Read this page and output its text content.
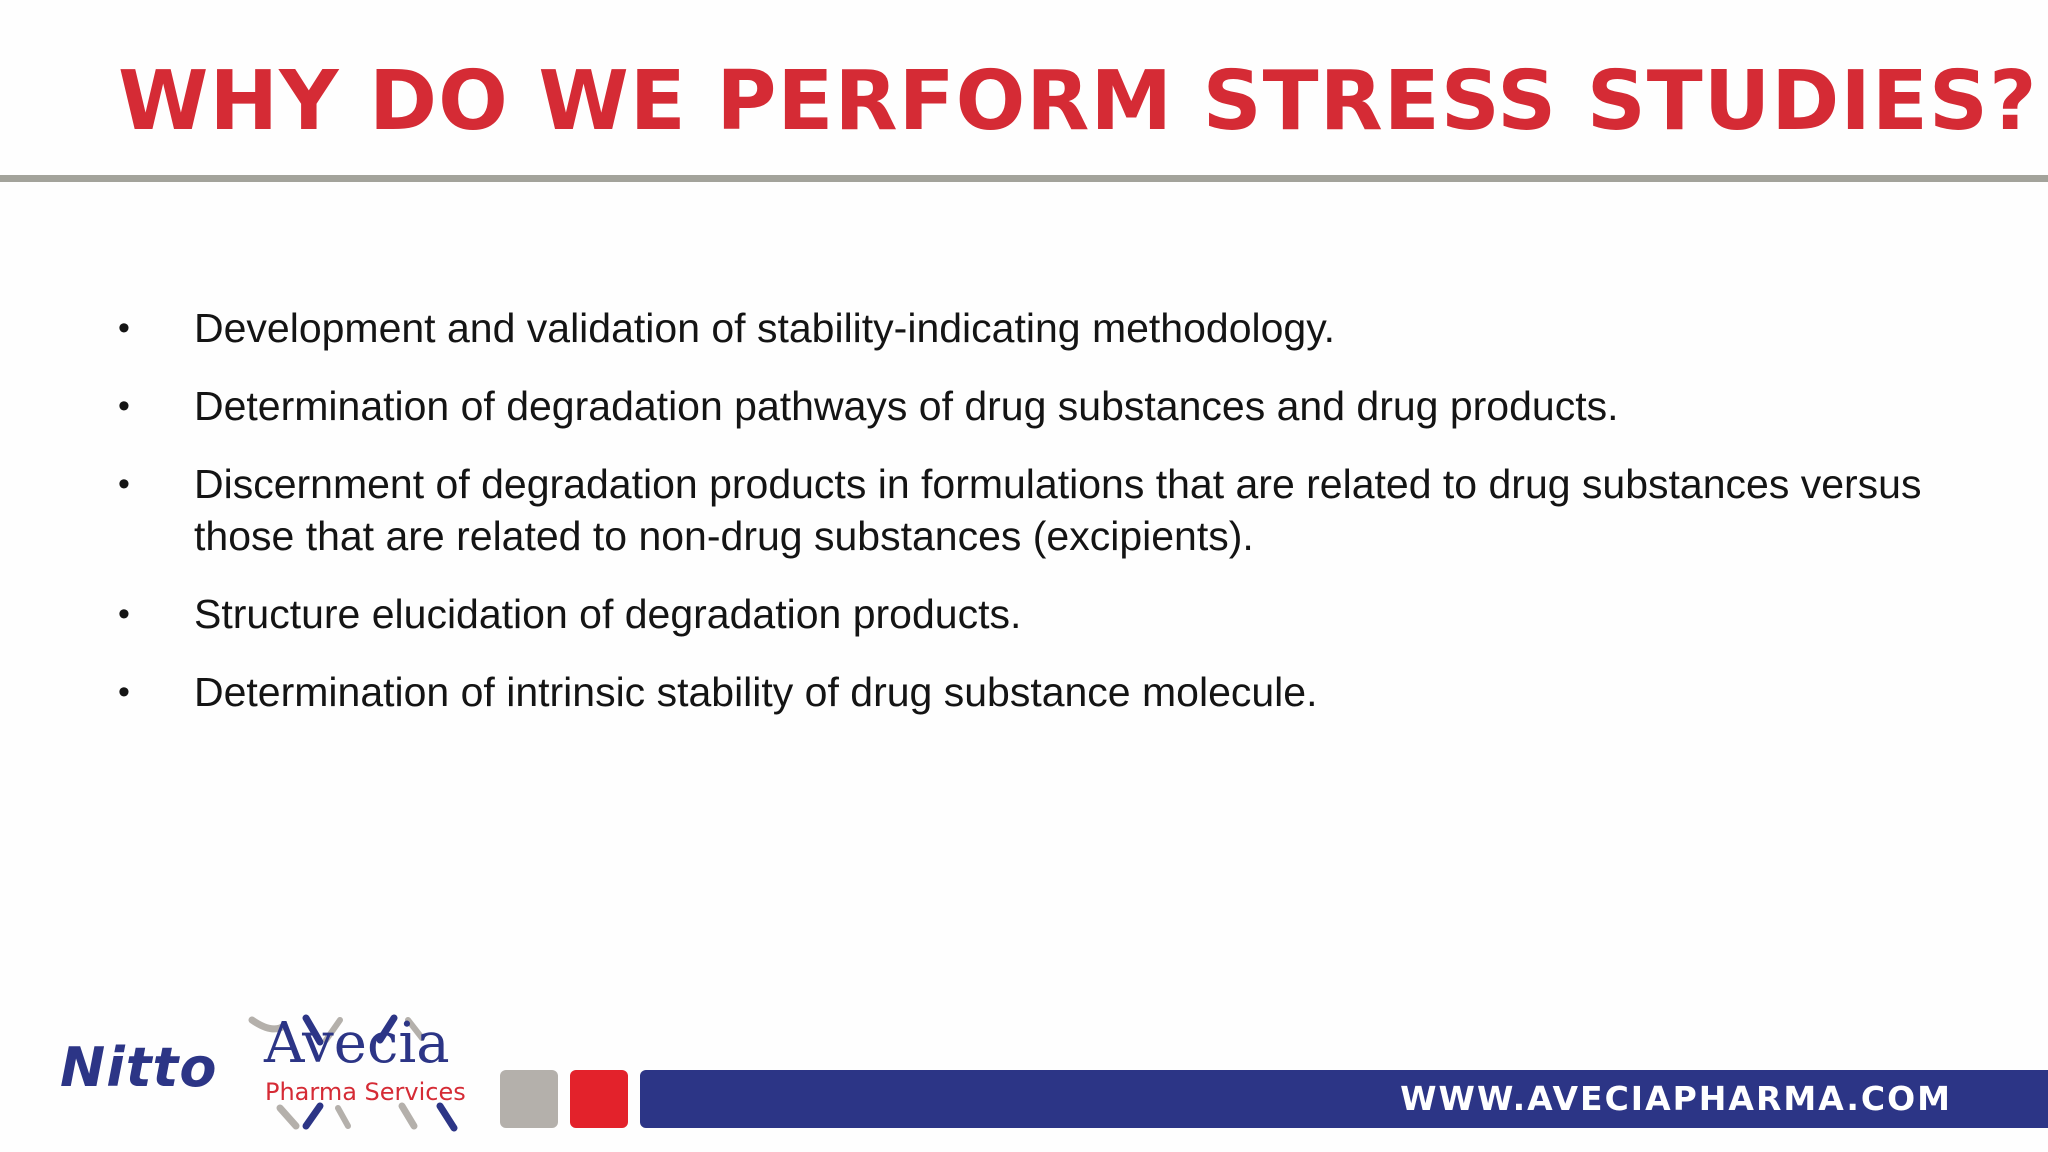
WHY DO WE PERFORM STRESS STUDIES?
• Development and validation of stability-indicating methodology.
• Determination of degradation pathways of drug substances and drug products.
• Discernment of degradation products in formulations that are related to drug substances versus those that are related to non-drug substances (excipients).
• Structure elucidation of degradation products.
• Determination of intrinsic stability of drug substance molecule.
Nitto Avecia
Pharma Services	WWW.AVECIAPHARMA.COM
